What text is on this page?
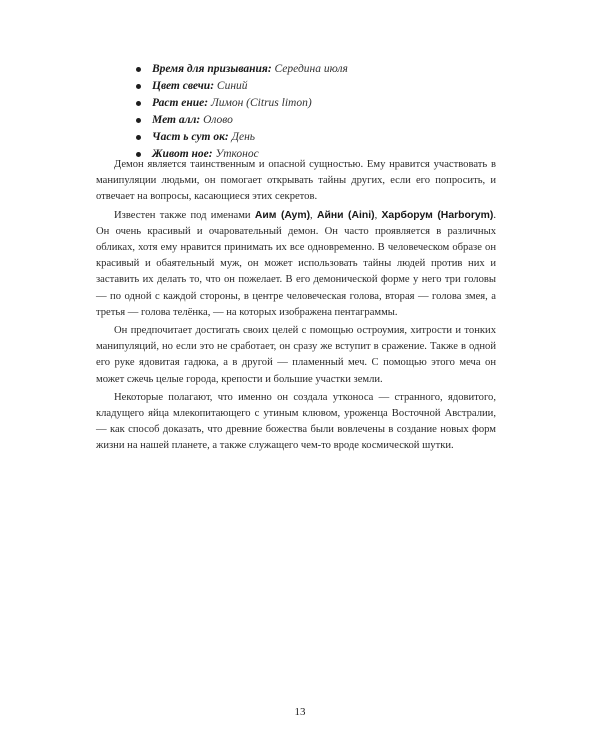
Время для призывания: Середина июля
Цвет свечи: Синий
Раст ение: Лимон (Citrus limon)
Мет алл: Олово
Част ь сут ок: День
Живот ное: Утконос

Демон является таинственным и опасной сущностью. Ему нравится участвовать в манипуляции людьми, он помогает открывать тайны других, если его попросить, и отвечает на вопросы, касающиеся этих секретов.

Известен также под именами Аим (Aym), Айни (Aini), Харборум (Harborym). Он очень красивый и очаровательный демон. Он часто проявляется в различных обликах, хотя ему нравится принимать их все одновременно. В человеческом образе он красивый и обаятельный муж, он может использовать тайны людей против них и заставить их делать то, что он пожелает. В его демонической форме у него три головы — по одной с каждой стороны, в центре человеческая голова, вторая — голова змея, а третья — голова телёнка, — на которых изображена пентаграммы.

Он предпочитает достигать своих целей с помощью остроумия, хитрости и тонких манипуляций, но если это не сработает, он сразу же вступит в сражение. Также в одной его руке ядовитая гадюка, а в другой — пламенный меч. С помощью этого меча он может сжечь целые города, крепости и большие участки земли.

Некоторые полагают, что именно он создала утконоса — странного, ядовитого, кладущего яйца млекопитающего с утиным клювом, уроженца Восточной Австралии, — как способ доказать, что древние божества были вовлечены в создание новых форм жизни на нашей планете, а также служащего чем-то вроде космической шутки.

13
